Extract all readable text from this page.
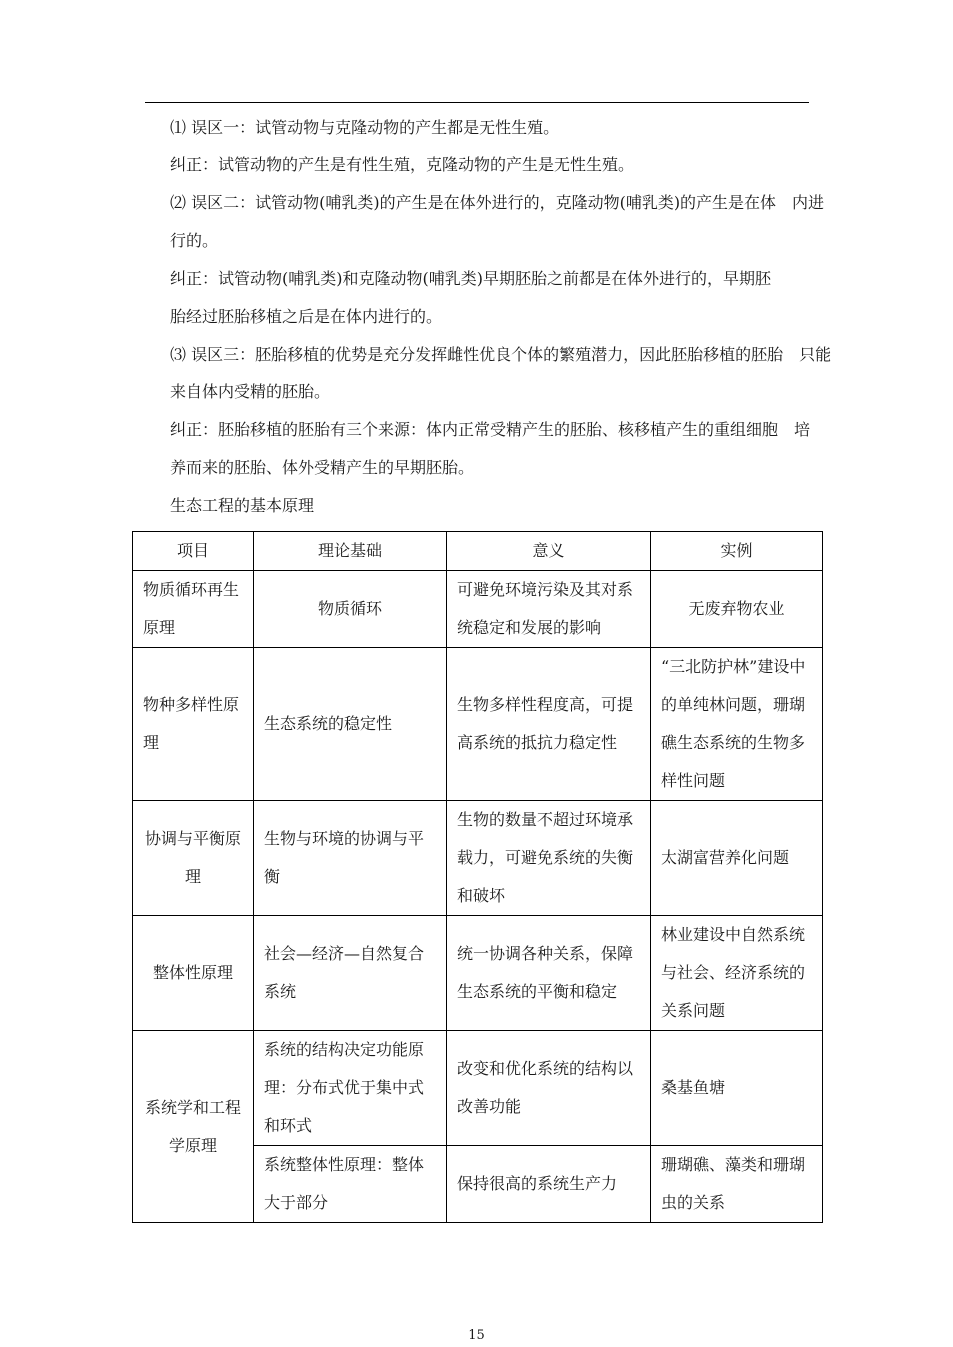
⑴ 误区一：试管动物与克隆动物的产生都是无性生殖。
纠正：试管动物的产生是有性生殖，克隆动物的产生是无性生殖。
⑵ 误区二：试管动物(哺乳类)的产生是在体外进行的，克隆动物(哺乳类)的产生是在体　内进
行的。
纠正：试管动物(哺乳类)和克隆动物(哺乳类)早期胚胎之前都是在体外进行的，早期胚
胎经过胚胎移植之后是在体内进行的。
⑶ 误区三：胚胎移植的优势是充分发挥雌性优良个体的繁殖潜力，因此胚胎移植的胚胎　只能
来自体内受精的胚胎。
纠正：胚胎移植的胚胎有三个来源：体内正常受精产生的胚胎、核移植产生的重组细胞　培
养而来的胚胎、体外受精产生的早期胚胎。
生态工程的基本原理
项目	理论基础	意义	实例
物质循环再生原理	物质循环	可避免环境污染及其对系统稳定和发展的影响	无废弃物农业
物种多样性原理	生态系统的稳定性	生物多样性程度高，可提高系统的抵抗力稳定性	“三北防护林”建设中的单纯林问题，珊瑚礁生态系统的生物多样性问题
协调与平衡原理	生物与环境的协调与平衡	生物的数量不超过环境承载力，可避免系统的失衡和破坏	太湖富营养化问题
整体性原理	社会—经济—自然复合系统	统一协调各种关系，保障生态系统的平衡和稳定	林业建设中自然系统与社会、经济系统的关系问题
系统学和工程学原理	系统的结构决定功能原理：分布式优于集中式和环式	改变和优化系统的结构以改善功能	桑基鱼塘
	系统整体性原理：整体大于部分	保持很高的系统生产力	珊瑚礁、藻类和珊瑚虫的关系
15
